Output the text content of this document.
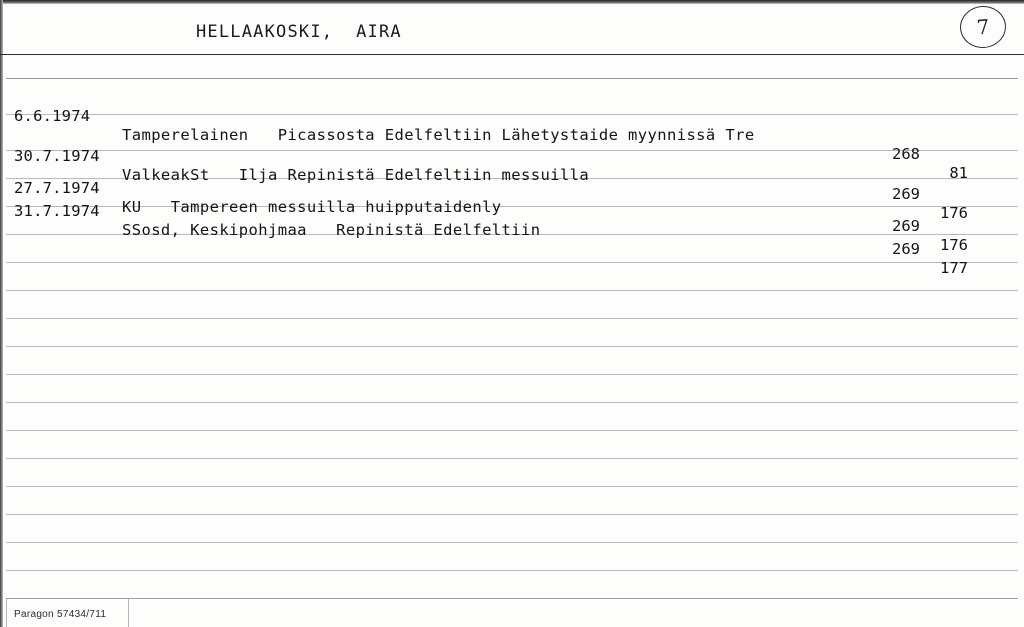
HELLAAKOSKI,  AIRA	7

6.6.1974

Tamperelainen   Picassosta Edelfeltiin Lähetystaide myynnissä Tre

268

81

30.7.1974

ValkeakSt   Ilja Repinistä Edelfeltiin messuilla

269

176

27.7.1974

KU   Tampereen messuilla huipputaidenly

269

176

31.7.1974

SSosd, Keskipohjmaa   Repinistä Edelfeltiin

269

177

Paragon 57434/711
